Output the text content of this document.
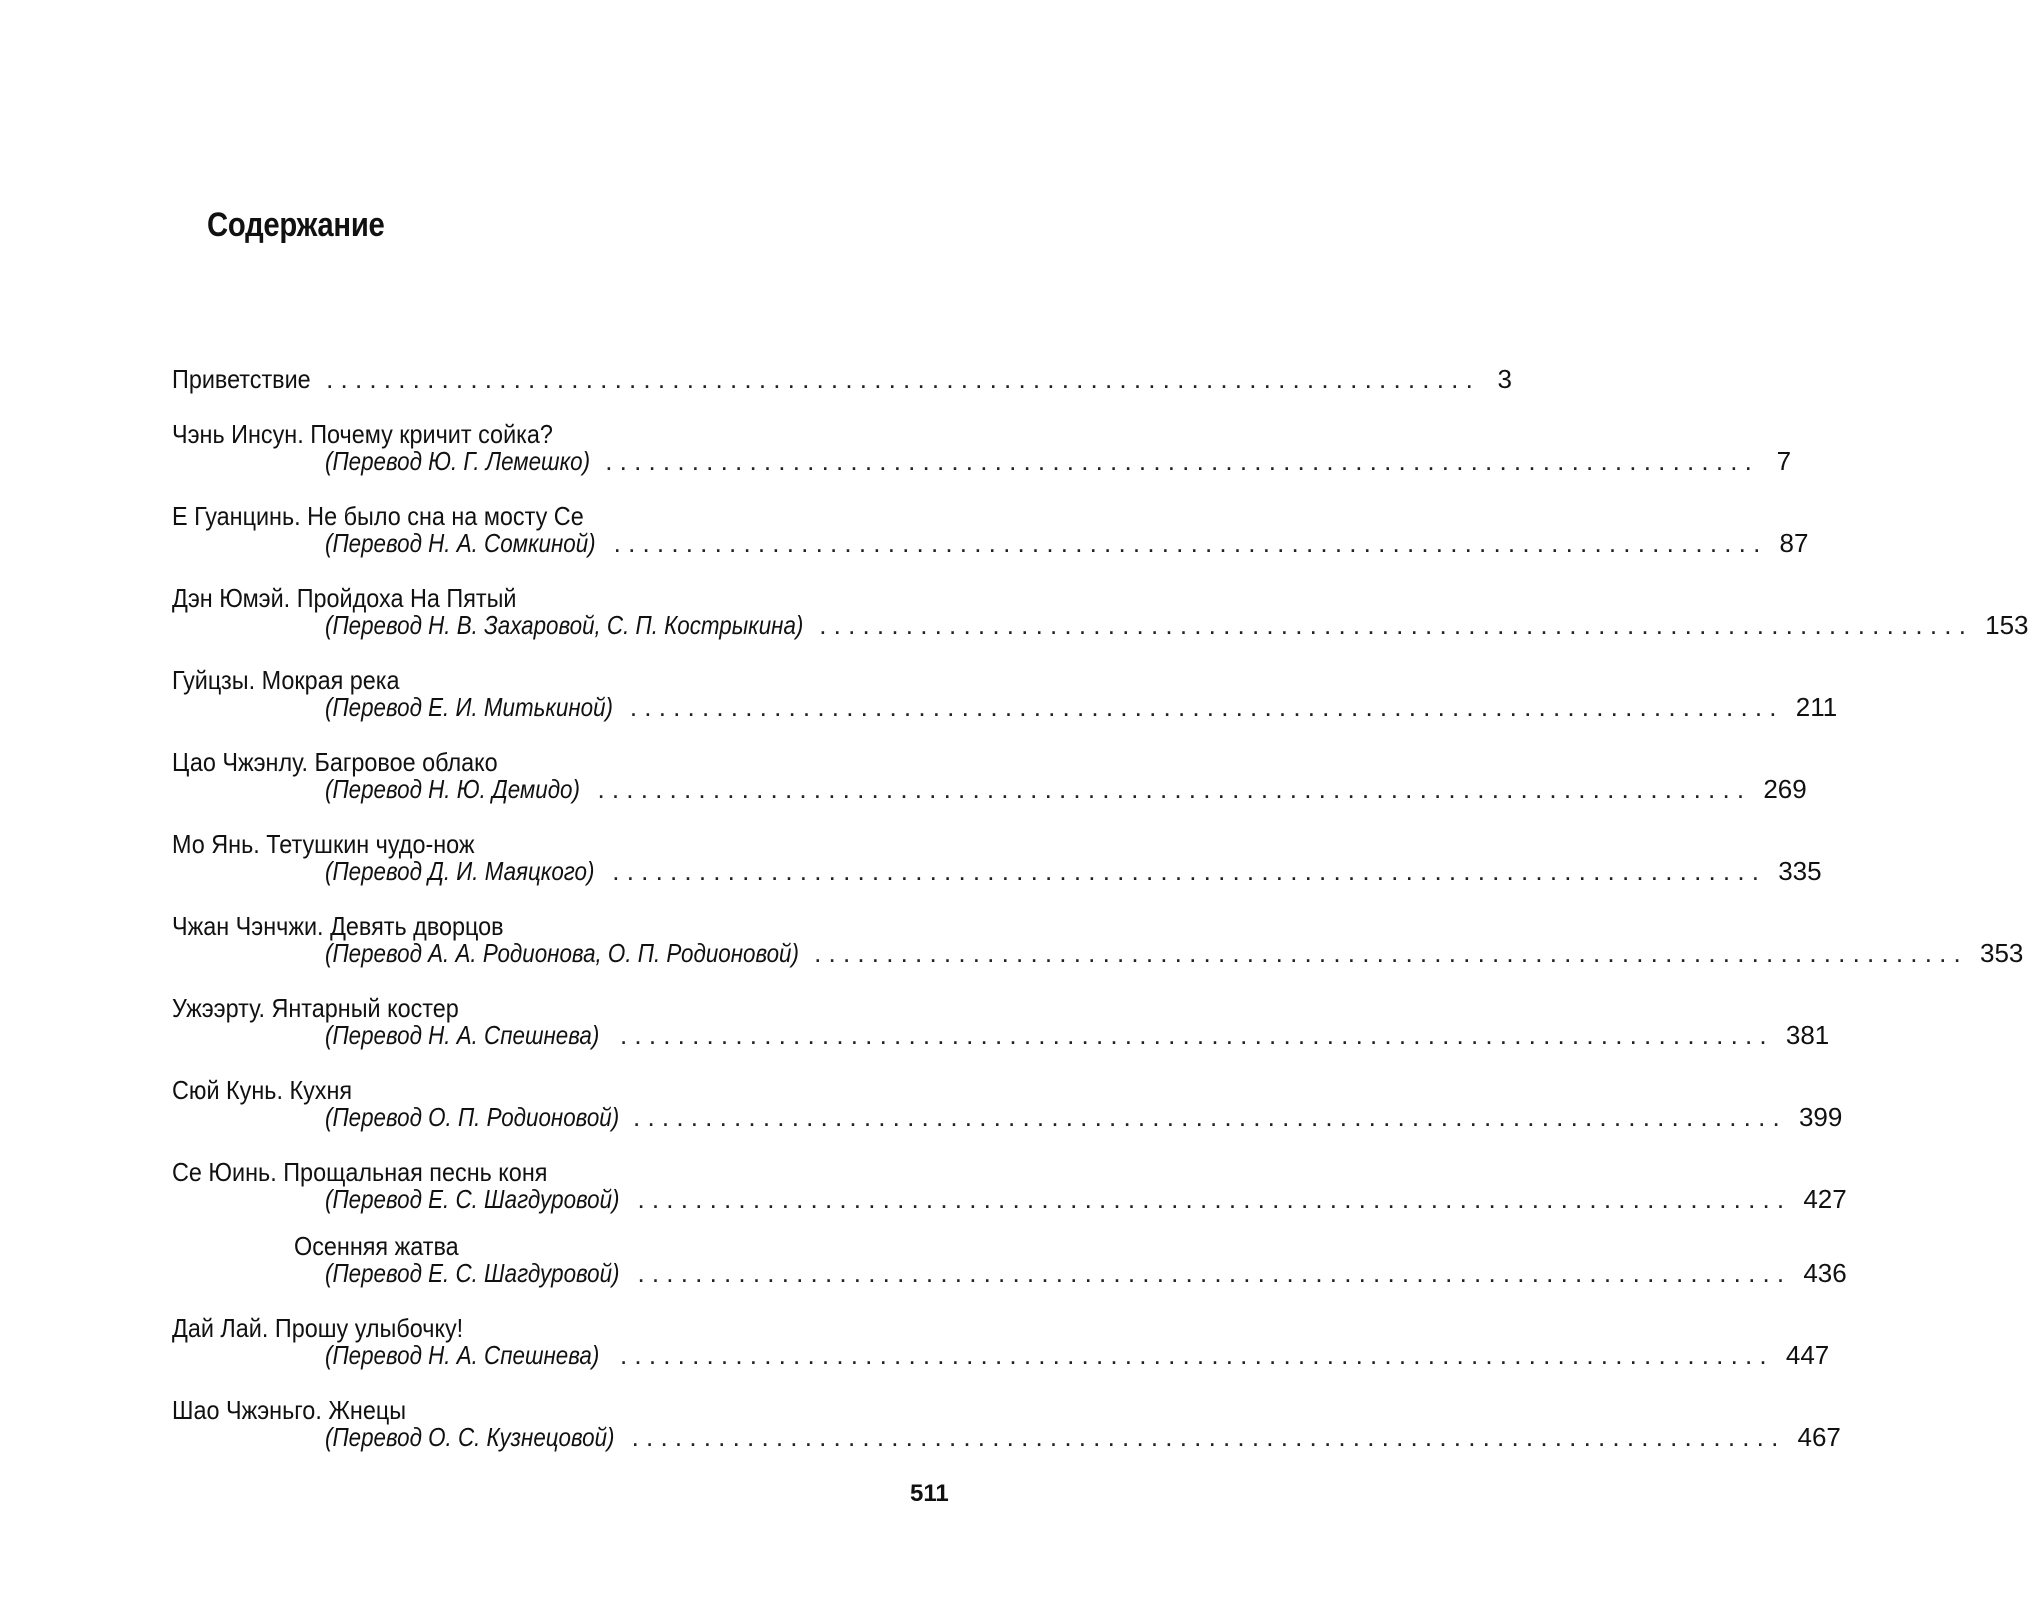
Содержание
Приветствие ................................................................................ 3
Чэнь Инсун. Почему кричит сойка?
(Перевод Ю. Г. Лемешко) ................................................................................ 7
Е Гуанцинь. Не было сна на мосту Се
(Перевод Н. А. Сомкиной) ................................................................................ 87
Дэн Юмэй. Пройдоха На Пятый
(Перевод Н. В. Захаровой, С. П. Кострыкина) ................................................................................ 153
Гуйцзы. Мокрая река
(Перевод Е. И. Митькиной) ................................................................................ 211
Цао Чжэнлу. Багровое облако
(Перевод Н. Ю. Демидо) ................................................................................ 269
Мо Янь. Тетушкин чудо-нож
(Перевод Д. И. Маяцкого) ................................................................................ 335
Чжан Чэнчжи. Девять дворцов
(Перевод А. А. Родионова, О. П. Родионовой) ................................................................................ 353
Ужээрту. Янтарный костер
(Перевод Н. А. Спешнева) ................................................................................ 381
Сюй Кунь. Кухня
(Перевод О. П. Родионовой) ................................................................................ 399
Се Юинь. Прощальная песнь коня
(Перевод Е. С. Шагдуровой) ................................................................................ 427
Осенняя жатва
(Перевод Е. С. Шагдуровой) ................................................................................ 436
Дай Лай. Прошу улыбочку!
(Перевод Н. А. Спешнева) ................................................................................ 447
Шао Чжэньго. Жнецы
(Перевод О. С. Кузнецовой) ................................................................................ 467
511
